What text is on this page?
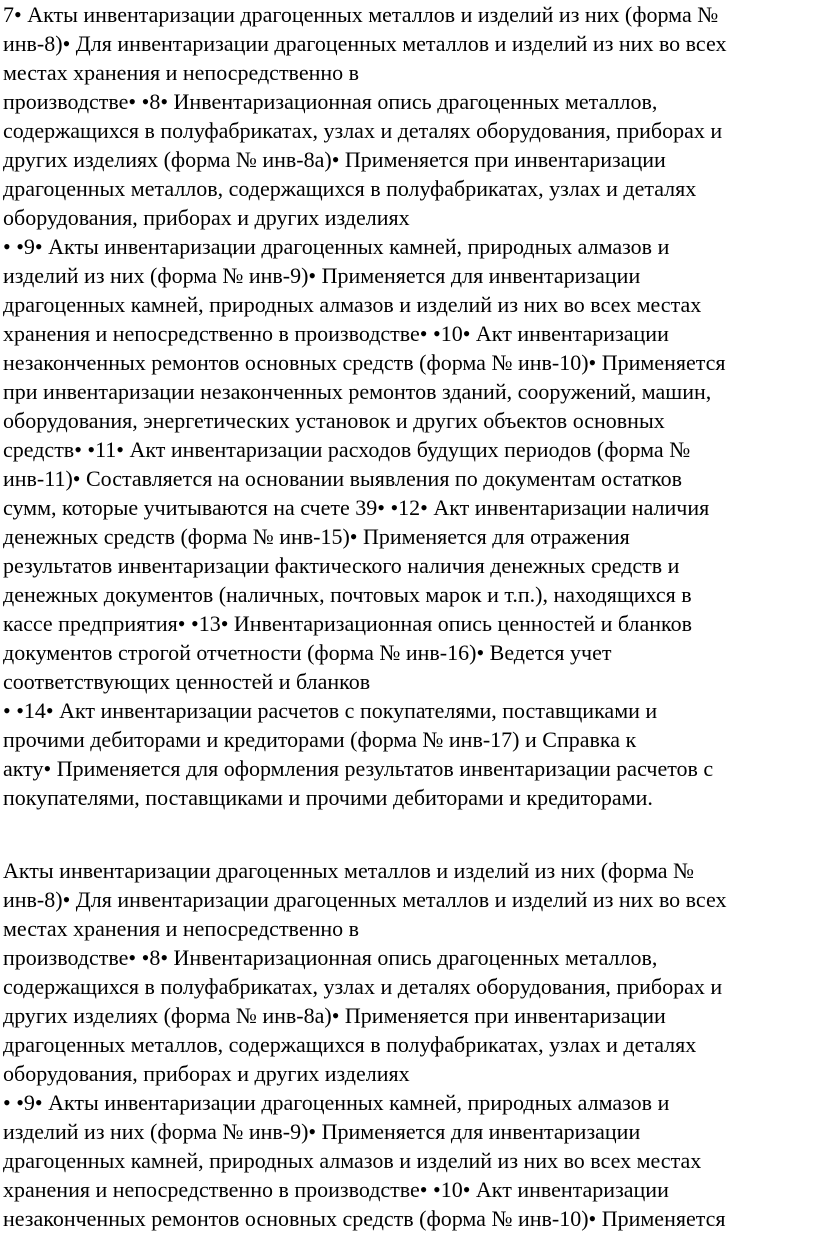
7• Акты инвентаризации драгоценных металлов и изделий из них (форма №
инв-8)• Для инвентаризации драгоценных металлов и изделий из них во всех
местах хранения и непосредственно в
производстве• •8• Инвентаризационная опись драгоценных металлов,
содержащихся в полуфабрикатах, узлах и деталях оборудования, приборах и
других изделиях (форма № инв-8а)• Применяется при инвентаризации
драгоценных металлов, содержащихся в полуфабрикатах, узлах и деталях
оборудования, приборах и других изделиях
• •9• Акты инвентаризации драгоценных камней, природных алмазов и
изделий из них (форма № инв-9)• Применяется для инвентаризации
драгоценных камней, природных алмазов и изделий из них во всех местах
хранения и непосредственно в производстве• •10• Акт инвентаризации
незаконченных ремонтов основных средств (форма № инв-10)• Применяется
при инвентаризации незаконченных ремонтов зданий, сооружений, машин,
оборудования, энергетических установок и других объектов основных
средств• •11• Акт инвентаризации расходов будущих периодов (форма №
инв-11)• Составляется на основании выявления по документам остатков
сумм, которые учитываются на счете 39• •12• Акт инвентаризации наличия
денежных средств (форма № инв-15)• Применяется для отражения
результатов инвентаризации фактического наличия денежных средств и
денежных документов (наличных, почтовых марок и т.п.), находящихся в
кассе предприятия• •13• Инвентаризационная опись ценностей и бланков
документов строгой отчетности (форма № инв-16)• Ведется учет
соответствующих ценностей и бланков
• •14• Акт инвентаризации расчетов с покупателями, поставщиками и
прочими дебиторами и кредиторами (форма № инв-17) и Справка к
акту• Применяется для оформления результатов инвентаризации расчетов с
покупателями, поставщиками и прочими дебиторами и кредиторами.

Акты инвентаризации драгоценных металлов и изделий из них (форма №
инв-8)• Для инвентаризации драгоценных металлов и изделий из них во всех
местах хранения и непосредственно в
производстве• •8• Инвентаризационная опись драгоценных металлов,
содержащихся в полуфабрикатах, узлах и деталях оборудования, приборах и
других изделиях (форма № инв-8а)• Применяется при инвентаризации
драгоценных металлов, содержащихся в полуфабрикатах, узлах и деталях
оборудования, приборах и других изделиях
• •9• Акты инвентаризации драгоценных камней, природных алмазов и
изделий из них (форма № инв-9)• Применяется для инвентаризации
драгоценных камней, природных алмазов и изделий из них во всех местах
хранения и непосредственно в производстве• •10• Акт инвентаризации
незаконченных ремонтов основных средств (форма № инв-10)• Применяется
